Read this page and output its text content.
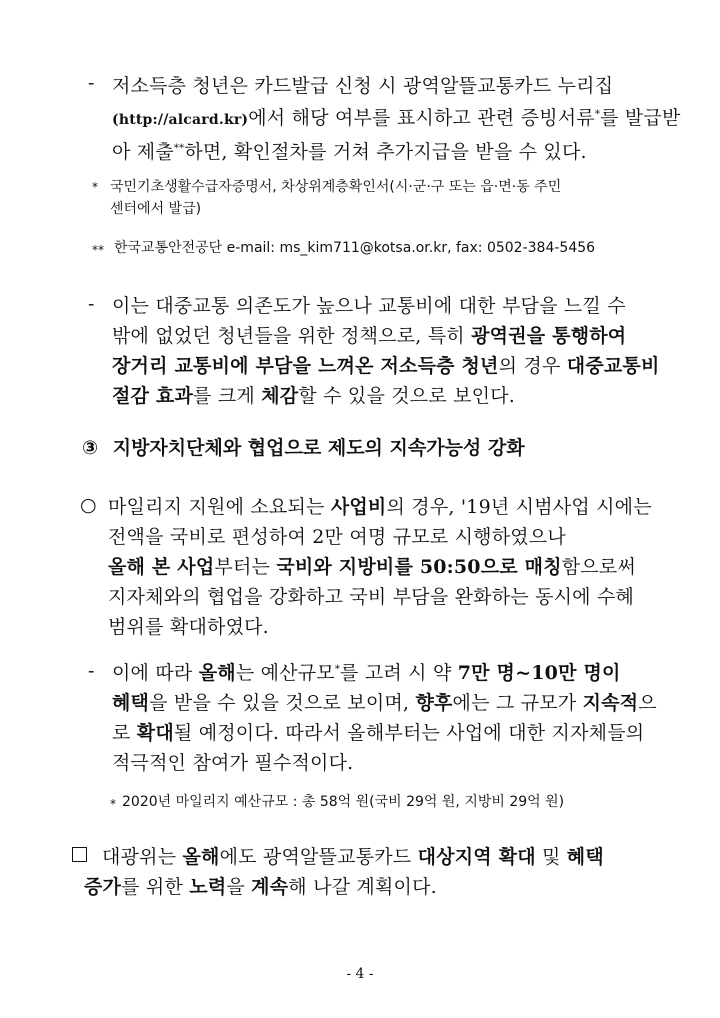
- 저소득층 청년은 카드발급 신청 시 광역알뜰교통카드 누리집
(http://alcard.kr)에서 해당 여부를 표시하고 관련 증빙서류*를 발급받
아 제출**하면, 확인절차를 거쳐 추가지급을 받을 수 있다.
* 국민기초생활수급자증명서, 차상위계층확인서(시·군·구 또는 읍·면·동 주민
센터에서 발급)
** 한국교통안전공단 e-mail: ms_kim711@kotsa.or.kr, fax: 0502-384-5456
- 이는 대중교통 의존도가 높으나 교통비에 대한 부담을 느낄 수
밖에 없었던 청년들을 위한 정책으로, 특히 광역권을 통행하여
장거리 교통비에 부담을 느껴온 저소득층 청년의 경우 대중교통비
절감 효과를 크게 체감할 수 있을 것으로 보인다.
③ 지방자치단체와 협업으로 제도의 지속가능성 강화
○ 마일리지 지원에 소요되는 사업비의 경우, '19년 시범사업 시에는
전액을 국비로 편성하여 2만 여명 규모로 시행하였으나
올해 본 사업부터는 국비와 지방비를 50:50으로 매칭함으로써
지자체와의 협업을 강화하고 국비 부담을 완화하는 동시에 수혜
범위를 확대하였다.
- 이에 따라 올해는 예산규모*를 고려 시 약 7만 명~10만 명이
혜택을 받을 수 있을 것으로 보이며, 향후에는 그 규모가 지속적으
로 확대될 예정이다. 따라서 올해부터는 사업에 대한 지자체들의
적극적인 참여가 필수적이다.
* 2020년 마일리지 예산규모 : 총 58억 원(국비 29억 원, 지방비 29억 원)
대광위는 올해에도 광역알뜰교통카드 대상지역 확대 및 혜택
증가를 위한 노력을 계속해 나갈 계획이다.
- 4 -
